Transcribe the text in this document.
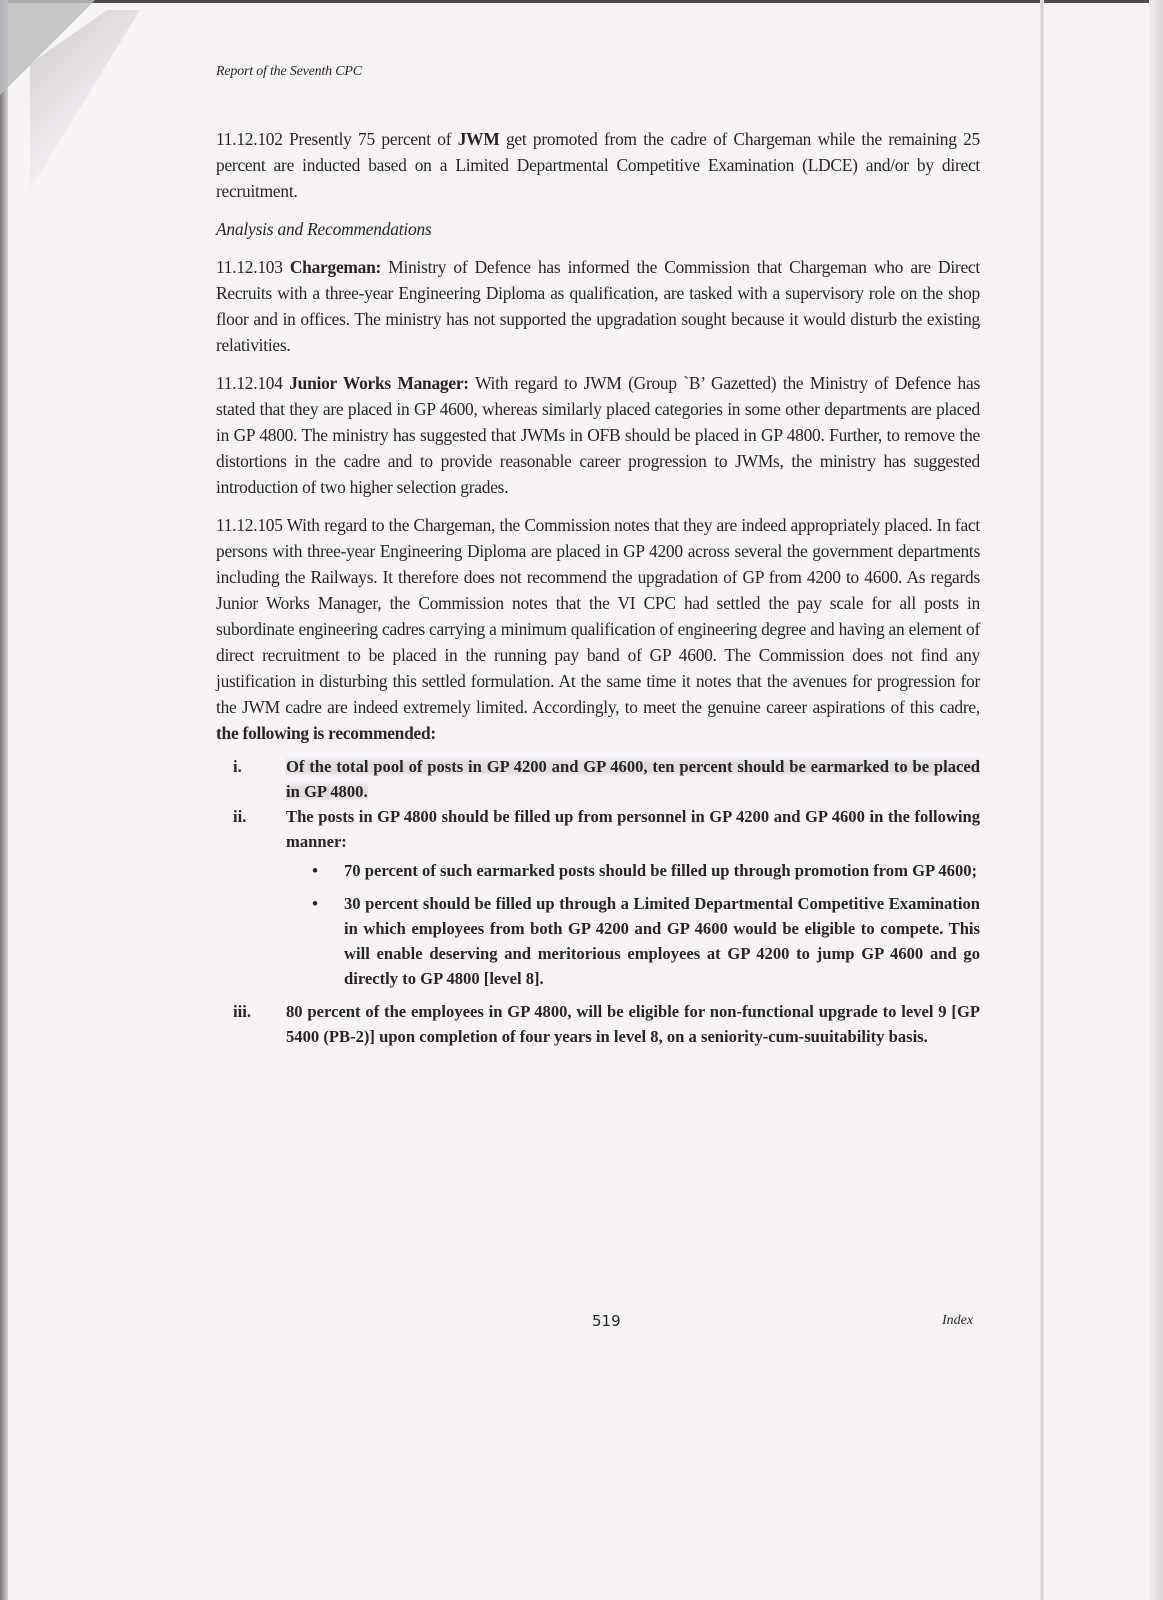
Report of the Seventh CPC

11.12.102 Presently 75 percent of JWM get promoted from the cadre of Chargeman while the remaining 25 percent are inducted based on a Limited Departmental Competitive Examination (LDCE) and/or by direct recruitment.

Analysis and Recommendations

11.12.103 Chargeman: Ministry of Defence has informed the Commission that Chargeman who are Direct Recruits with a three-year Engineering Diploma as qualification, are tasked with a supervisory role on the shop floor and in offices. The ministry has not supported the upgradation sought because it would disturb the existing relativities.

11.12.104 Junior Works Manager: With regard to JWM (Group `B’ Gazetted) the Ministry of Defence has stated that they are placed in GP 4600, whereas similarly placed categories in some other departments are placed in GP 4800. The ministry has suggested that JWMs in OFB should be placed in GP 4800. Further, to remove the distortions in the cadre and to provide reasonable career progression to JWMs, the ministry has suggested introduction of two higher selection grades.

11.12.105 With regard to the Chargeman, the Commission notes that they are indeed appropriately placed. In fact persons with three-year Engineering Diploma are placed in GP 4200 across several the government departments including the Railways. It therefore does not recommend the upgradation of GP from 4200 to 4600. As regards Junior Works Manager, the Commission notes that the VI CPC had settled the pay scale for all posts in subordinate engineering cadres carrying a minimum qualification of engineering degree and having an element of direct recruitment to be placed in the running pay band of GP 4600. The Commission does not find any justification in disturbing this settled formulation. At the same time it notes that the avenues for progression for the JWM cadre are indeed extremely limited. Accordingly, to meet the genuine career aspirations of this cadre, the following is recommended:

i.	Of the total pool of posts in GP 4200 and GP 4600, ten percent should be earmarked to be placed in GP 4800.
ii.	The posts in GP 4800 should be filled up from personnel in GP 4200 and GP 4600 in the following manner:
•	70 percent of such earmarked posts should be filled up through promotion from GP 4600;
•	30 percent should be filled up through a Limited Departmental Competitive Examination in which employees from both GP 4200 and GP 4600 would be eligible to compete. This will enable deserving and meritorious employees at GP 4200 to jump GP 4600 and go directly to GP 4800 [level 8].
iii.	80 percent of the employees in GP 4800, will be eligible for non-functional upgrade to level 9 [GP 5400 (PB-2)] upon completion of four years in level 8, on a seniority-cum-suuitability basis.
519	Index
